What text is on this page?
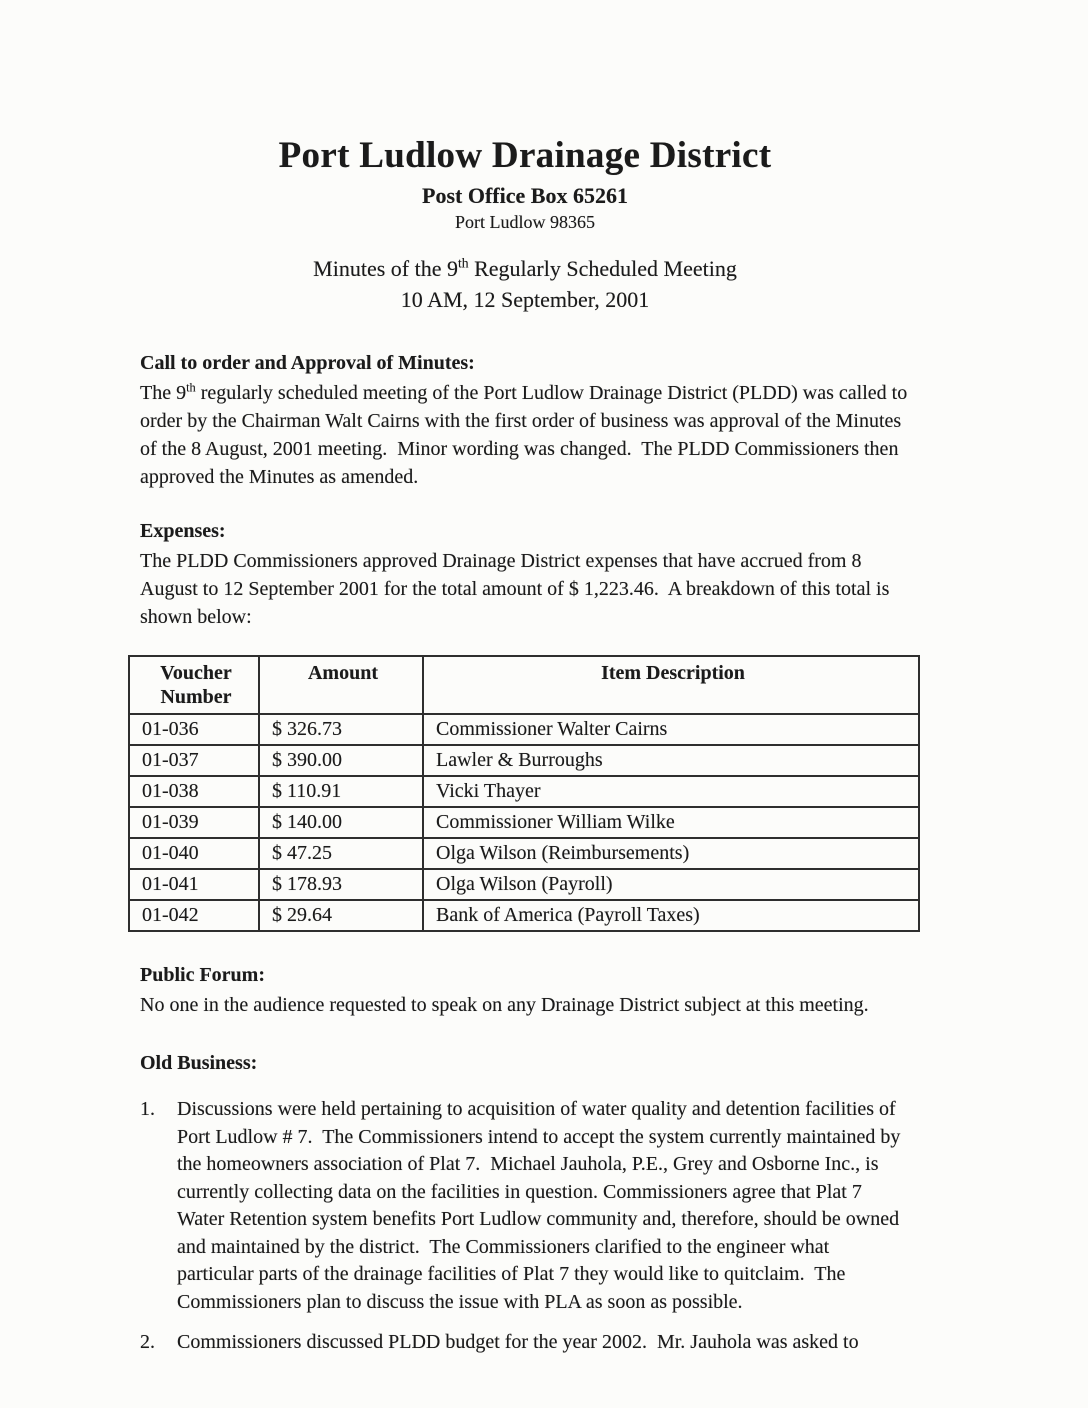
Port Ludlow Drainage District
Post Office Box 65261
Port Ludlow 98365
Minutes of the 9th Regularly Scheduled Meeting
10 AM, 12 September, 2001
Call to order and Approval of Minutes:

The 9th regularly scheduled meeting of the Port Ludlow Drainage District (PLDD) was called to order by the Chairman Walt Cairns with the first order of business was approval of the Minutes of the 8 August, 2001 meeting.  Minor wording was changed.  The PLDD Commissioners then approved the Minutes as amended.

Expenses:

The PLDD Commissioners approved Drainage District expenses that have accrued from 8 August to 12 September 2001 for the total amount of $ 1,223.46.  A breakdown of this total is shown below:

Voucher Number	Amount	Item Description
01-036	$ 326.73	Commissioner Walter Cairns
01-037	$ 390.00	Lawler & Burroughs
01-038	$ 110.91	Vicki Thayer
01-039	$ 140.00	Commissioner William Wilke
01-040	$ 47.25	Olga Wilson (Reimbursements)
01-041	$ 178.93	Olga Wilson (Payroll)
01-042	$ 29.64	Bank of America (Payroll Taxes)
Public Forum:

No one in the audience requested to speak on any Drainage District subject at this meeting.

Old Business:
1.	Discussions were held pertaining to acquisition of water quality and detention facilities of Port Ludlow # 7.  The Commissioners intend to accept the system currently maintained by the homeowners association of Plat 7.  Michael Jauhola, P.E., Grey and Osborne Inc., is currently collecting data on the facilities in question. Commissioners agree that Plat 7 Water Retention system benefits Port Ludlow community and, therefore, should be owned and maintained by the district.  The Commissioners clarified to the engineer what particular parts of the drainage facilities of Plat 7 they would like to quitclaim.  The Commissioners plan to discuss the issue with PLA as soon as possible.
2.	Commissioners discussed PLDD budget for the year 2002.  Mr. Jauhola was asked to
